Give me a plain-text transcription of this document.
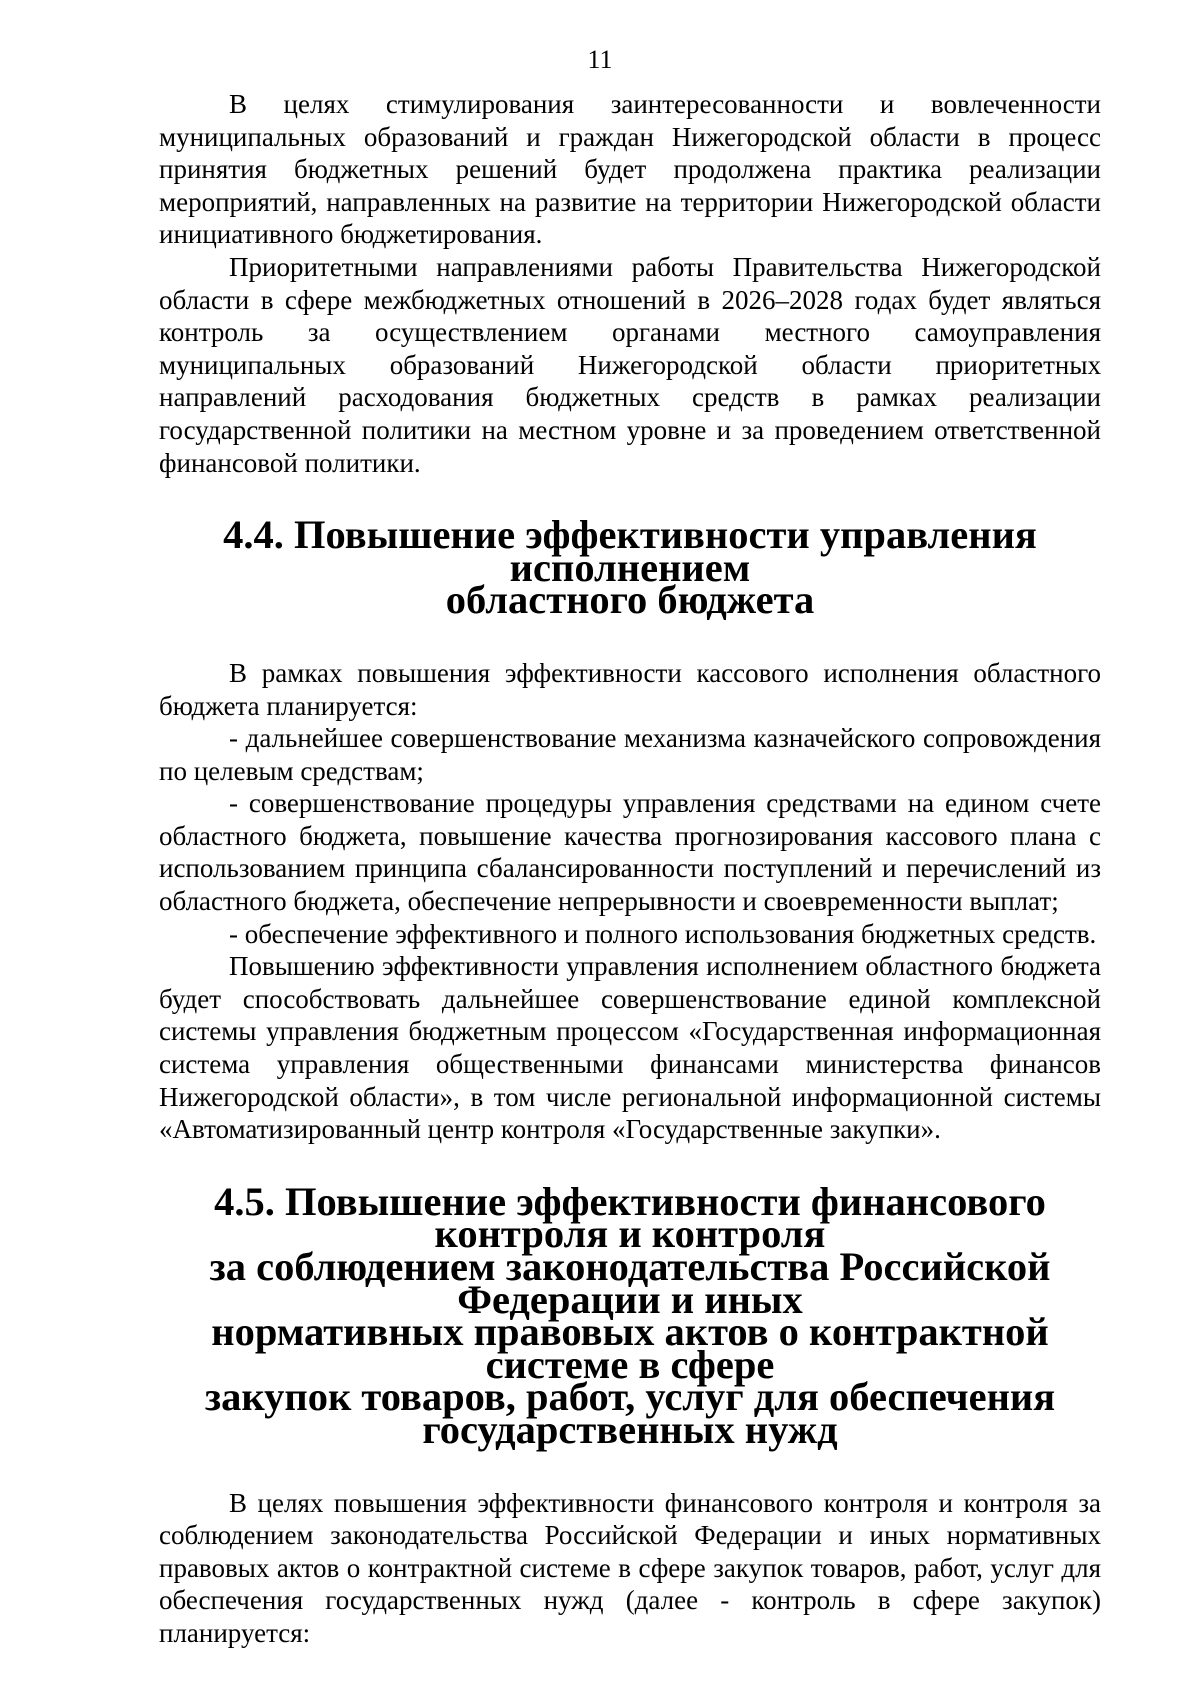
11

В целях стимулирования заинтересованности и вовлеченности муниципальных образований и граждан Нижегородской области в процесс принятия бюджетных решений будет продолжена практика реализации мероприятий, направленных на развитие на территории Нижегородской области инициативного бюджетирования.

Приоритетными направлениями работы Правительства Нижегородской области в сфере межбюджетных отношений в 2026–2028 годах будет являться контроль за осуществлением органами местного самоуправления муниципальных образований Нижегородской области приоритетных направлений расходования бюджетных средств в рамках реализации государственной политики на местном уровне и за проведением ответственной финансовой политики.

4.4. Повышение эффективности управления исполнением
областного бюджета

В рамках повышения эффективности кассового исполнения областного бюджета планируется:

- дальнейшее совершенствование механизма казначейского сопровождения по целевым средствам;

- совершенствование процедуры управления средствами на едином счете областного бюджета, повышение качества прогнозирования кассового плана с использованием принципа сбалансированности поступлений и перечислений из областного бюджета, обеспечение непрерывности и своевременности выплат;

- обеспечение эффективного и полного использования бюджетных средств.

Повышению эффективности управления исполнением областного бюджета будет способствовать дальнейшее совершенствование единой комплексной системы управления бюджетным процессом «Государственная информационная система управления общественными финансами министерства финансов Нижегородской области», в том числе региональной информационной системы «Автоматизированный центр контроля «Государственные закупки».

4.5. Повышение эффективности финансового контроля и контроля
за соблюдением законодательства Российской Федерации и иных
нормативных правовых актов о контрактной системе в сфере
закупок товаров, работ, услуг для обеспечения государственных нужд

В целях повышения эффективности финансового контроля и контроля за соблюдением законодательства Российской Федерации и иных нормативных правовых актов о контрактной системе в сфере закупок товаров, работ, услуг для обеспечения государственных нужд (далее - контроль в сфере закупок) планируется:
